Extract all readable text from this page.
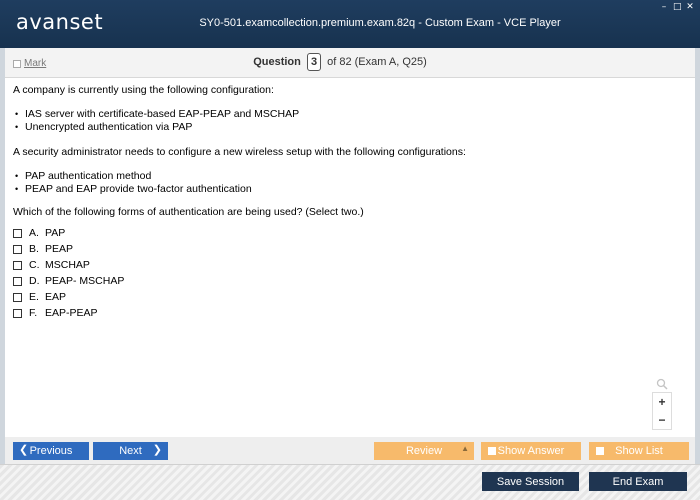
avanset	SY0-501.examcollection.premium.exam.82q - Custom Exam - VCE Player
– □ ✕
Mark	Question 3 of 82 (Exam A, Q25)

A company is currently using the following configuration:

• IAS server with certificate-based EAP-PEAP and MSCHAP
• Unencrypted authentication via PAP

A security administrator needs to configure a new wireless setup with the following configurations:

• PAP authentication method
• PEAP and EAP provide two-factor authentication

Which of the following forms of authentication are being used? (Select two.)

A. PAP
B. PEAP
C. MSCHAP
D. PEAP- MSCHAP
E. EAP
F. EAP-PEAP
+
−
❮ Previous	Next ❯	Review ▲	Show Answer	Show List
Save Session	End Exam
